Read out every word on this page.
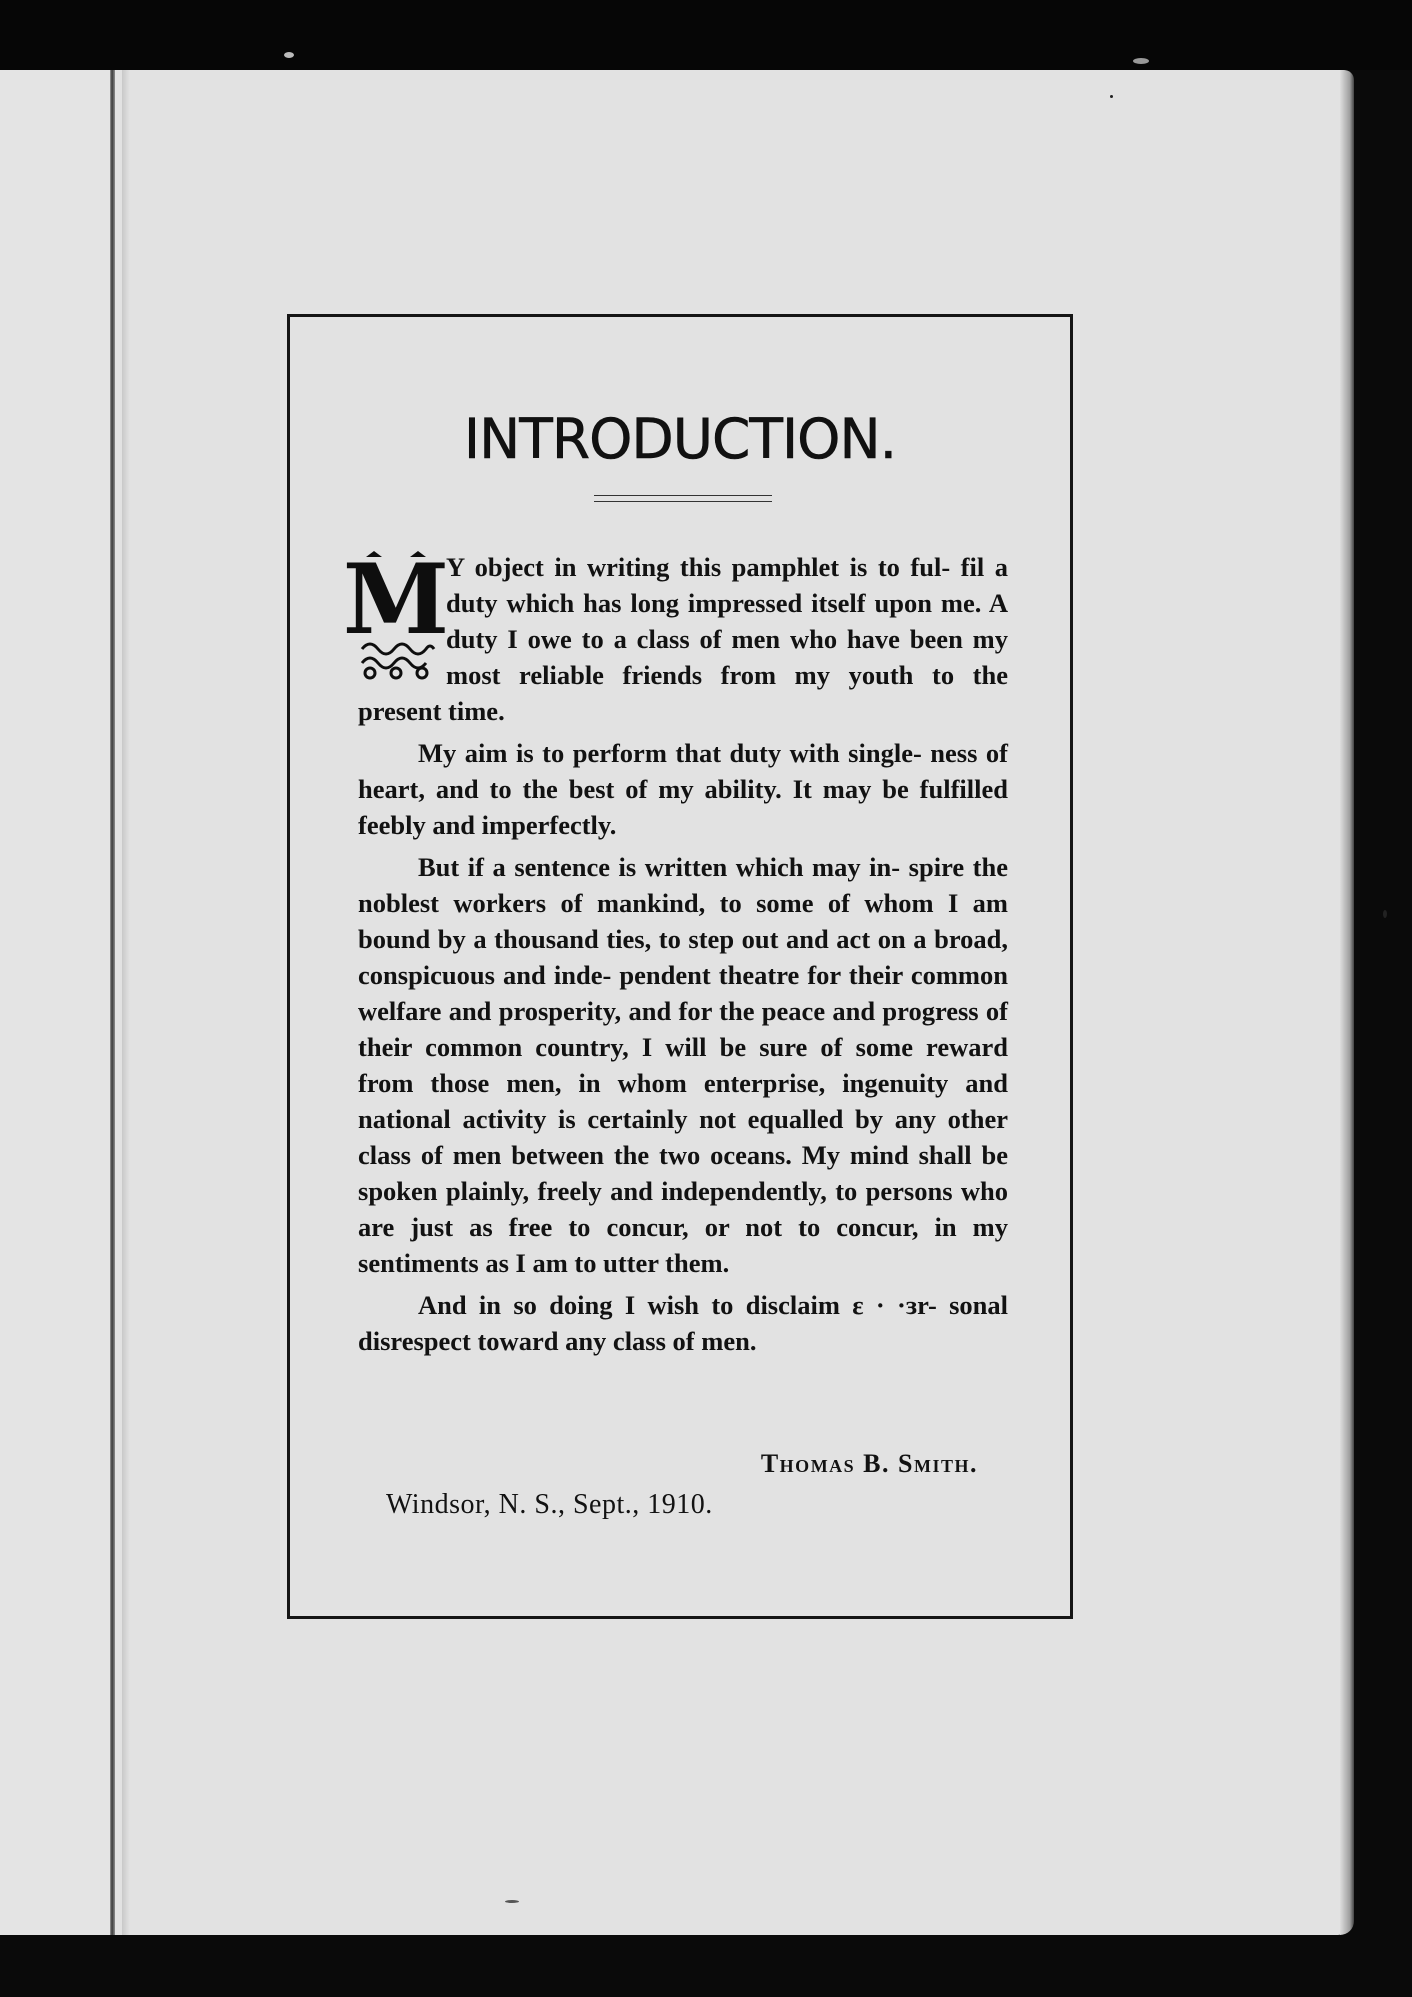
INTRODUCTION.

M
Y object in writing this pamphlet is to ful- fil a duty which has long impressed itself upon me. A duty I owe to a class of men who have been my most reliable friends from my youth to the present time.

My aim is to perform that duty with single- ness of heart, and to the best of my ability. It may be fulfilled feebly and imperfectly.

But if a sentence is written which may in- spire the noblest workers of mankind, to some of whom I am bound by a thousand ties, to step out and act on a broad, conspicuous and inde- pendent theatre for their common welfare and prosperity, and for the peace and progress of their common country, I will be sure of some reward from those men, in whom enterprise, ingenuity and national activity is certainly not equalled by any other class of men between the two oceans. My mind shall be spoken plainly, freely and independently, to persons who are just as free to concur, or not to concur, in my sentiments as I am to utter them.

And in so doing I wish to disclaim ε · ·ɜr- sonal disrespect toward any class of men.

Thomas B. Smith.
Windsor, N. S., Sept., 1910.
